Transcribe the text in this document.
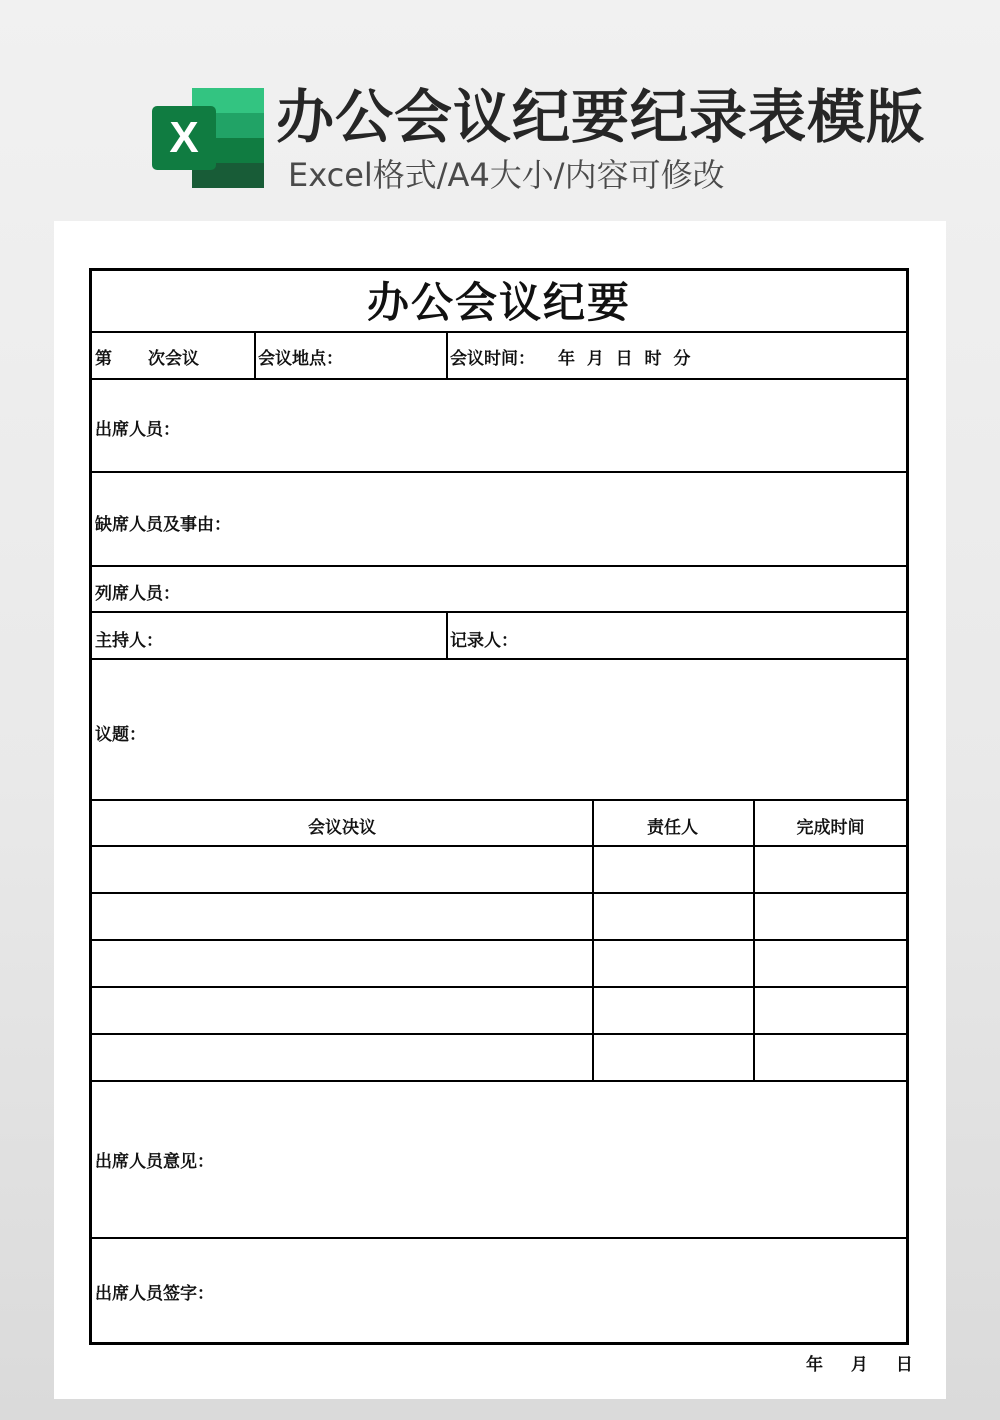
X 办公会议纪要纪录表模版
Excel格式/A4大小/内容可修改
办公会议纪要
第 次会议	会议地点：	会议时间： 年  月  日  时  分
出席人员：
缺席人员及事由：
列席人员：
主持人：	记录人：
议题：
会议决议	责任人	完成时间
出席人员意见：
出席人员签字：
年 月 日
